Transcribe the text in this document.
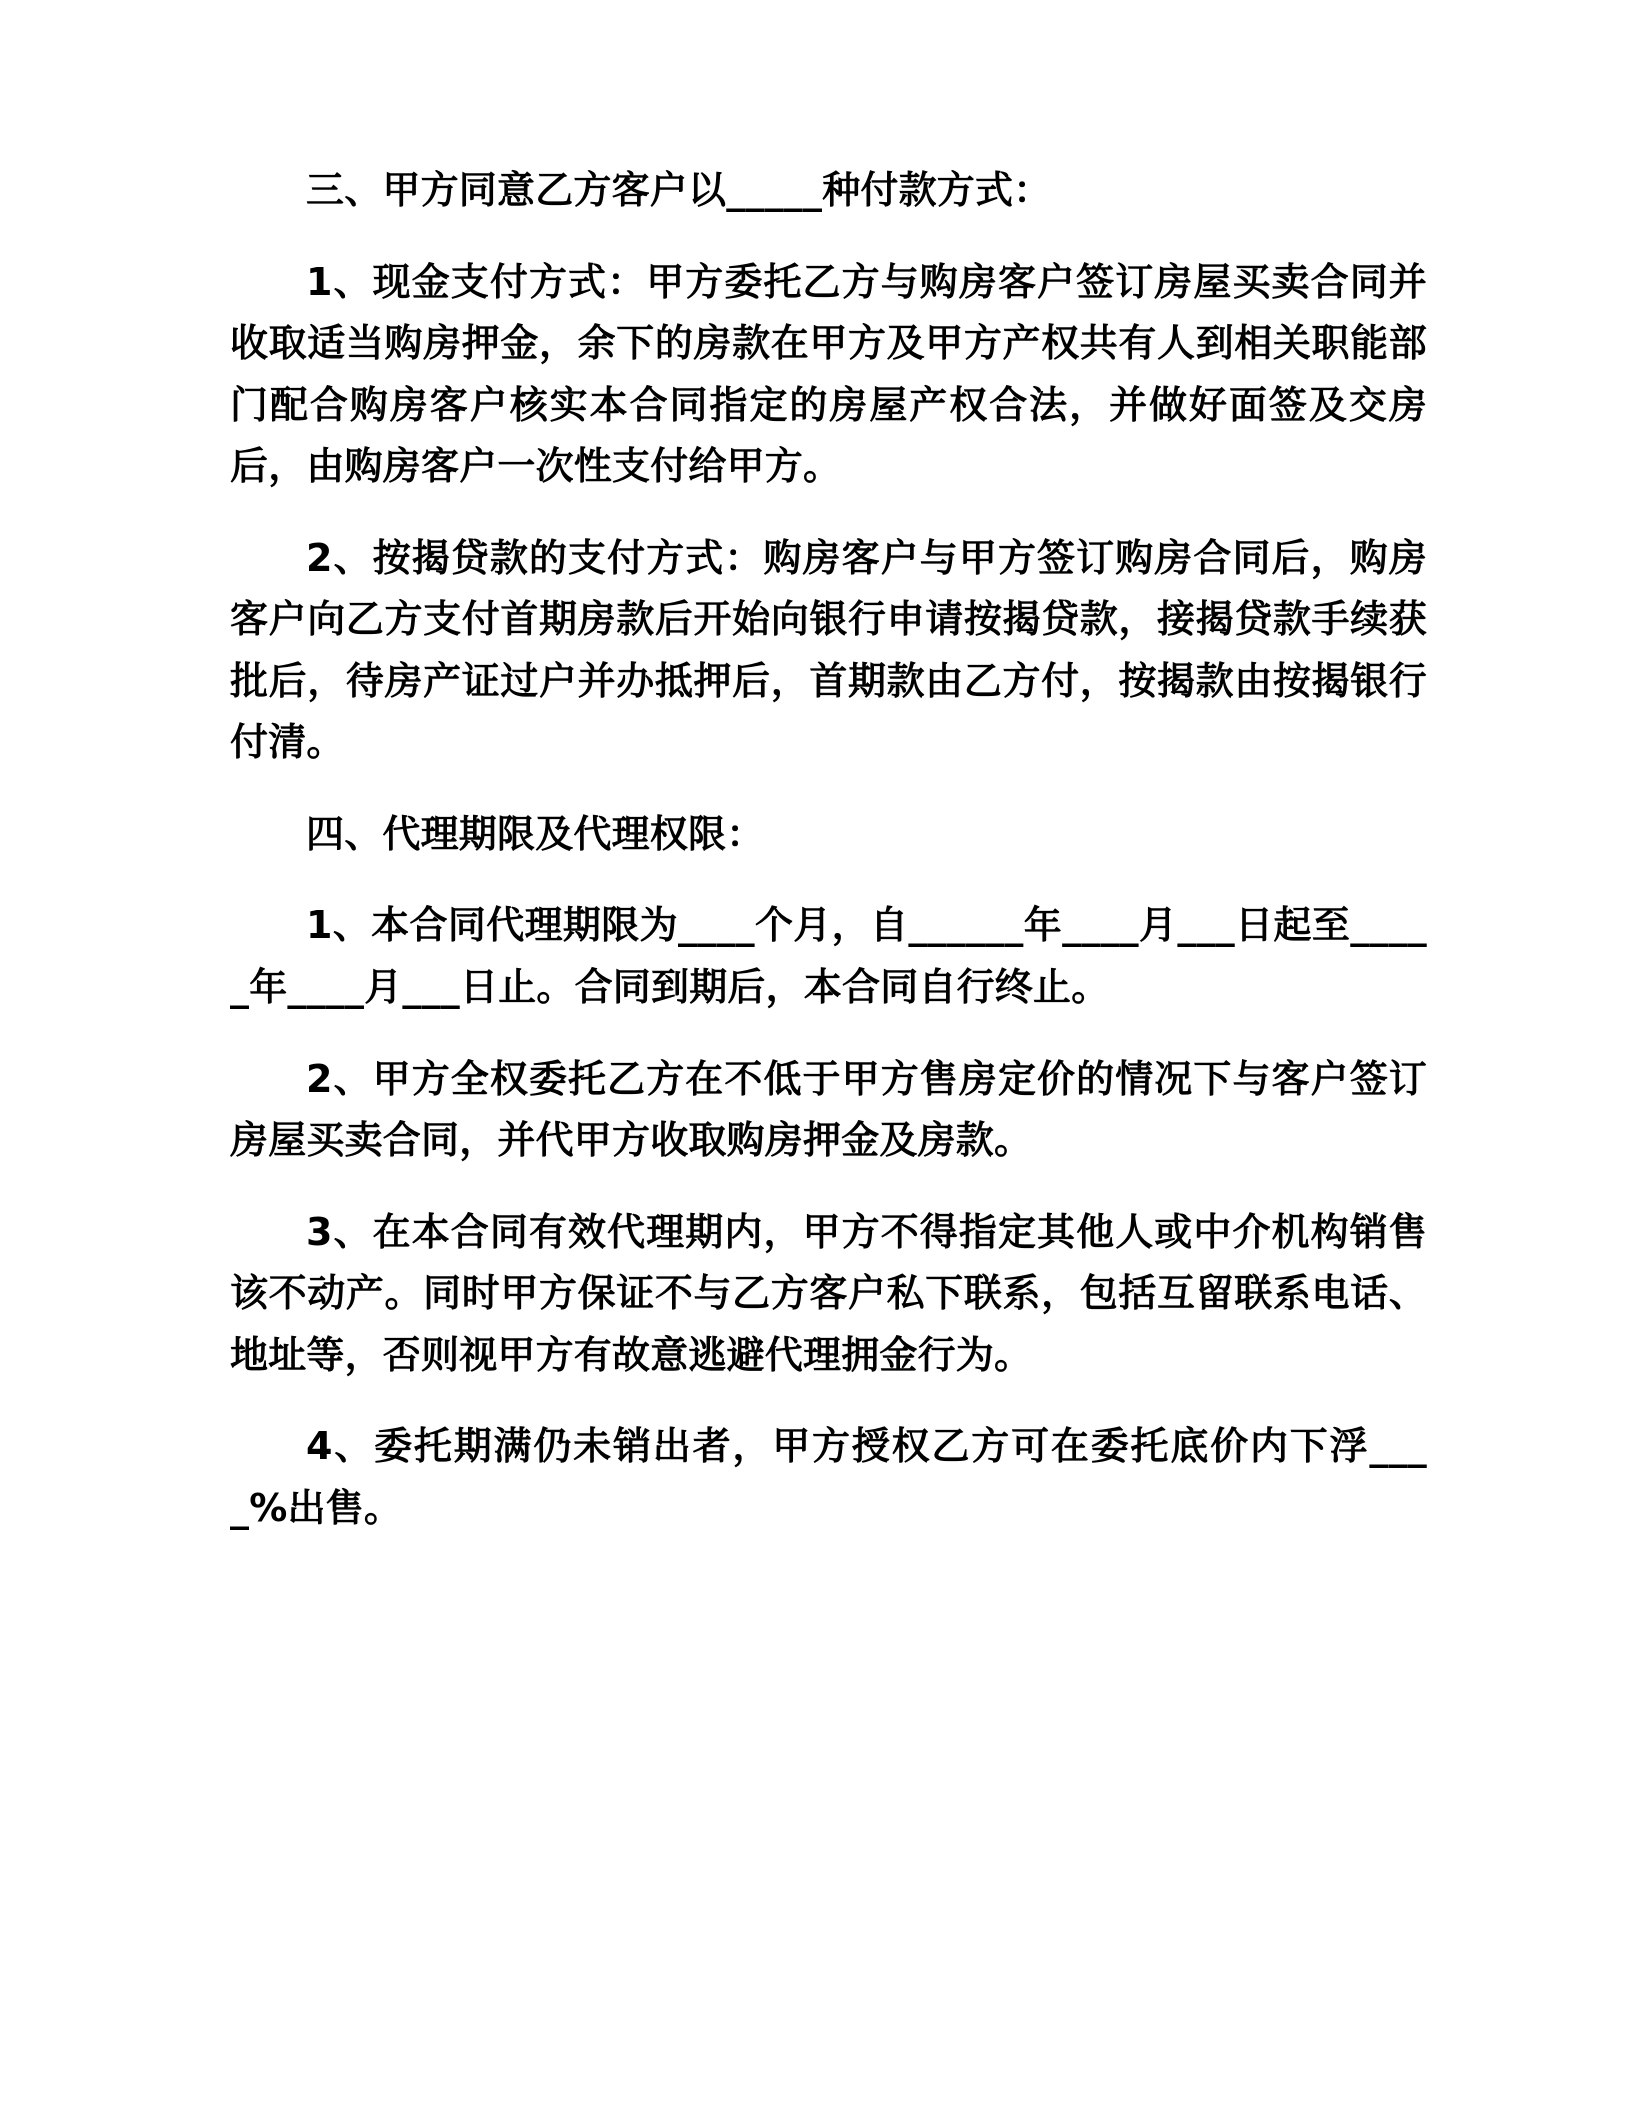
三、甲方同意乙方客户以_____种付款方式：

1、现金支付方式：甲方委托乙方与购房客户签订房屋买卖合同并收取适当购房押金，余下的房款在甲方及甲方产权共有人到相关职能部门配合购房客户核实本合同指定的房屋产权合法，并做好面签及交房后，由购房客户一次性支付给甲方。

2、按揭贷款的支付方式：购房客户与甲方签订购房合同后，购房客户向乙方支付首期房款后开始向银行申请按揭贷款，接揭贷款手续获批后，待房产证过户并办抵押后，首期款由乙方付，按揭款由按揭银行付清。

四、代理期限及代理权限：

1、本合同代理期限为____个月，自______年____月___日起至_____年____月___日止。合同到期后，本合同自行终止。

2、甲方全权委托乙方在不低于甲方售房定价的情况下与客户签订房屋买卖合同，并代甲方收取购房押金及房款。

3、在本合同有效代理期内，甲方不得指定其他人或中介机构销售该不动产。同时甲方保证不与乙方客户私下联系，包括互留联系电话、地址等，否则视甲方有故意逃避代理拥金行为。

4、委托期满仍未销出者，甲方授权乙方可在委托底价内下浮____%出售。
